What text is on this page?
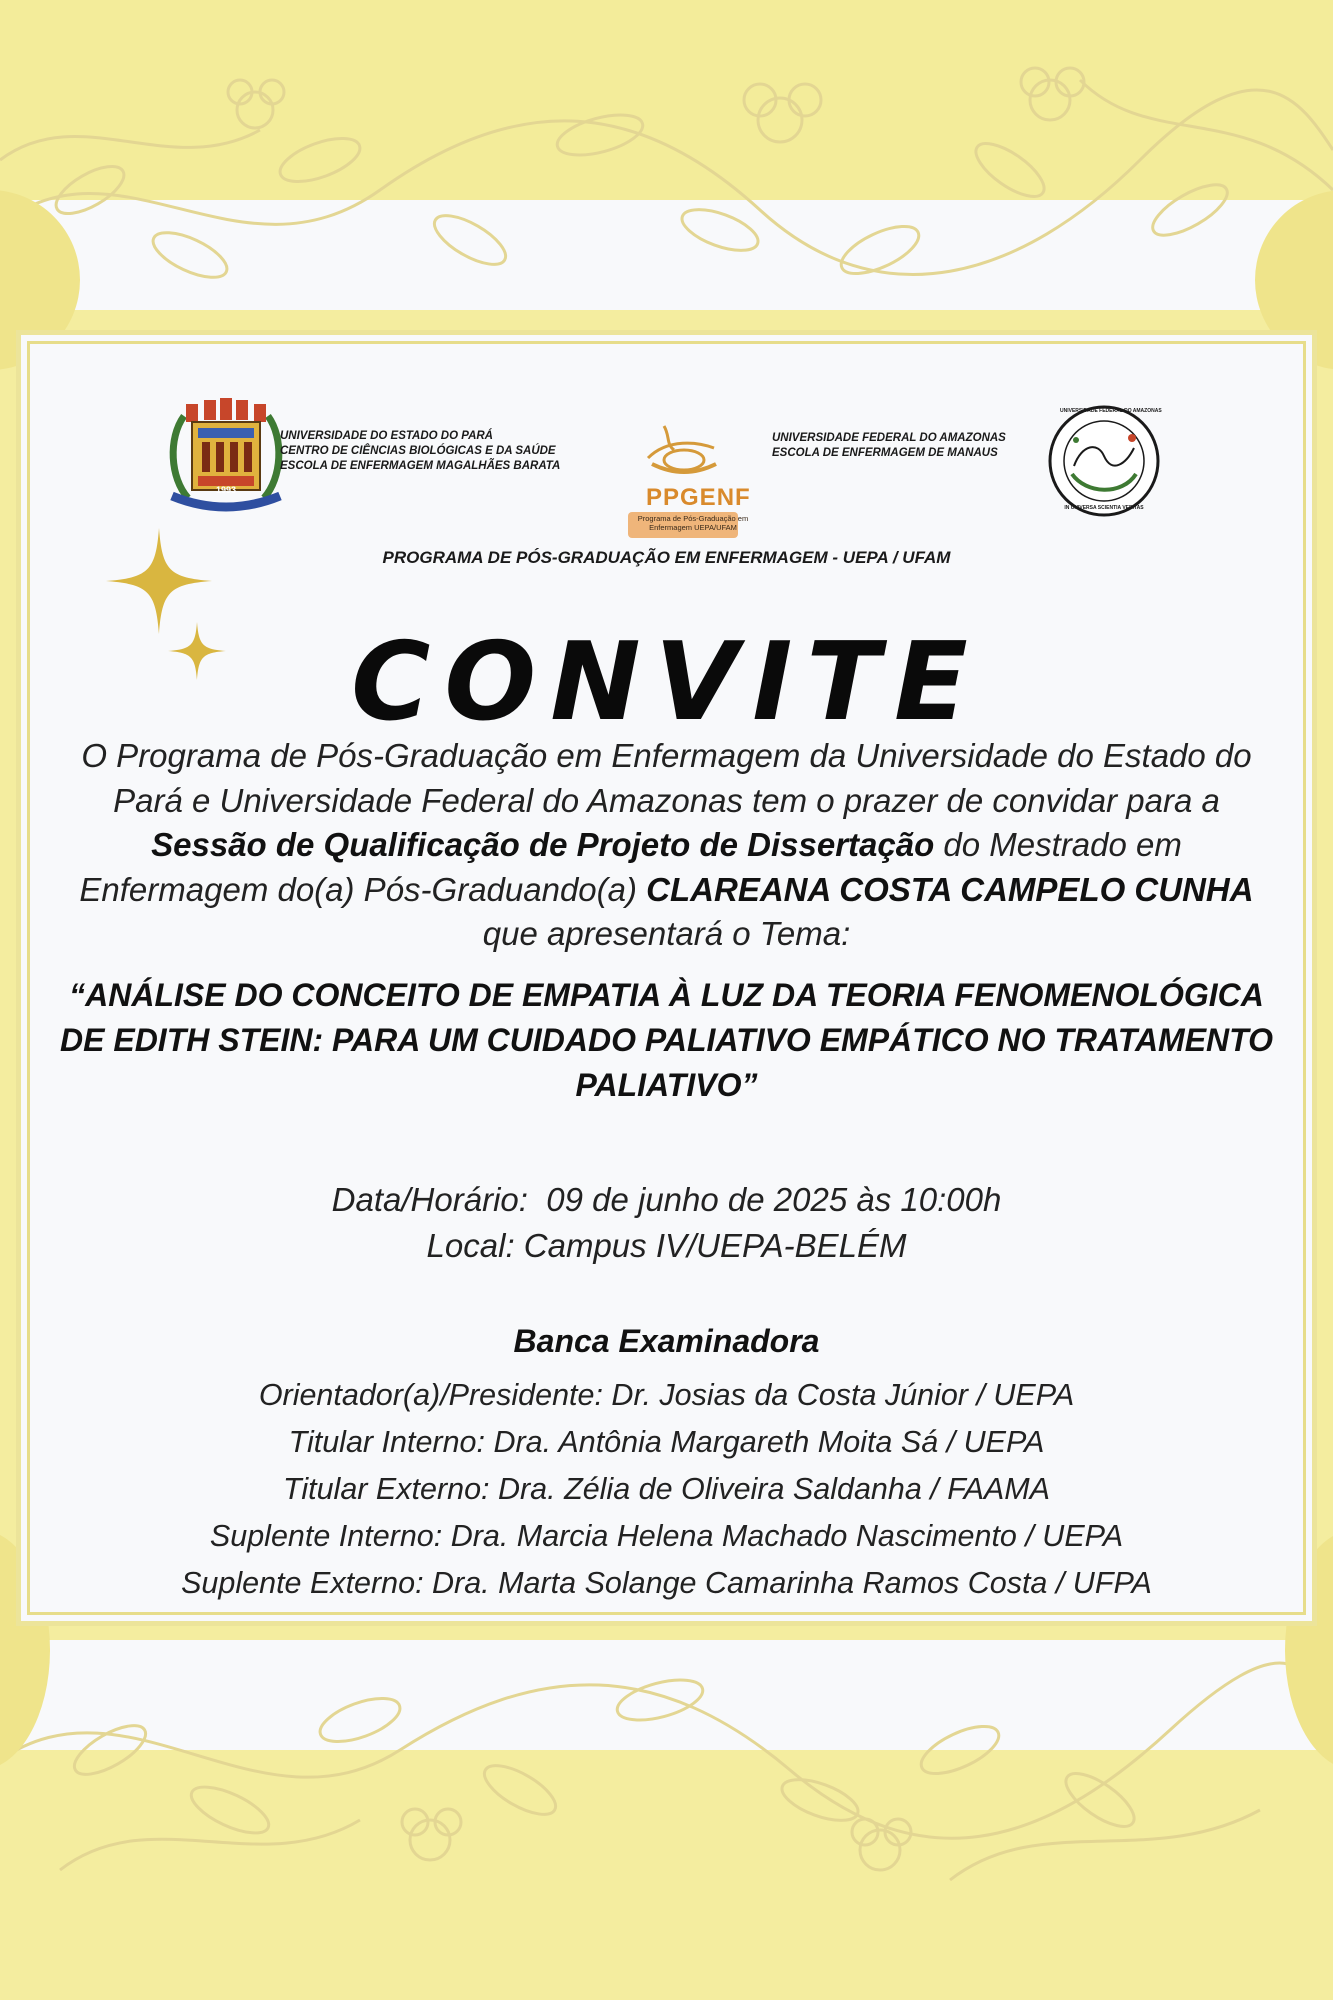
1993
UNIVERSIDADE DO ESTADO DO PARÁ
CENTRO DE CIÊNCIAS BIOLÓGICAS E DA SAÚDE
ESCOLA DE ENFERMAGEM MAGALHÃES BARATA
PPGENF
Programa de Pós-Graduação em
Enfermagem UEPA/UFAM
UNIVERSIDADE FEDERAL DO AMAZONAS
ESCOLA DE ENFERMAGEM DE MANAUS
UNIVERSIDADE FEDERAL DO AMAZONAS
IN UNIVERSA SCIENTIA VERITAS
PROGRAMA DE PÓS-GRADUAÇÃO EM ENFERMAGEM - UEPA / UFAM
CONVITE
O Programa de Pós-Graduação em Enfermagem da Universidade do Estado do Pará e Universidade Federal do Amazonas tem o prazer de convidar para a Sessão de Qualificação de Projeto de Dissertação do Mestrado em Enfermagem do(a) Pós-Graduando(a) CLAREANA COSTA CAMPELO CUNHA que apresentará o Tema:
“ANÁLISE DO CONCEITO DE EMPATIA À LUZ DA TEORIA FENOMENOLÓGICA DE EDITH STEIN: PARA UM CUIDADO PALIATIVO EMPÁTICO NO TRATAMENTO PALIATIVO”
Data/Horário:  09 de junho de 2025 às 10:00h
Local: Campus IV/UEPA-BELÉM
Banca Examinadora
Orientador(a)/Presidente: Dr. Josias da Costa Júnior / UEPA
Titular Interno: Dra. Antônia Margareth Moita Sá / UEPA
Titular Externo: Dra. Zélia de Oliveira Saldanha / FAAMA
Suplente Interno: Dra. Marcia Helena Machado Nascimento / UEPA
Suplente Externo: Dra. Marta Solange Camarinha Ramos Costa / UFPA
